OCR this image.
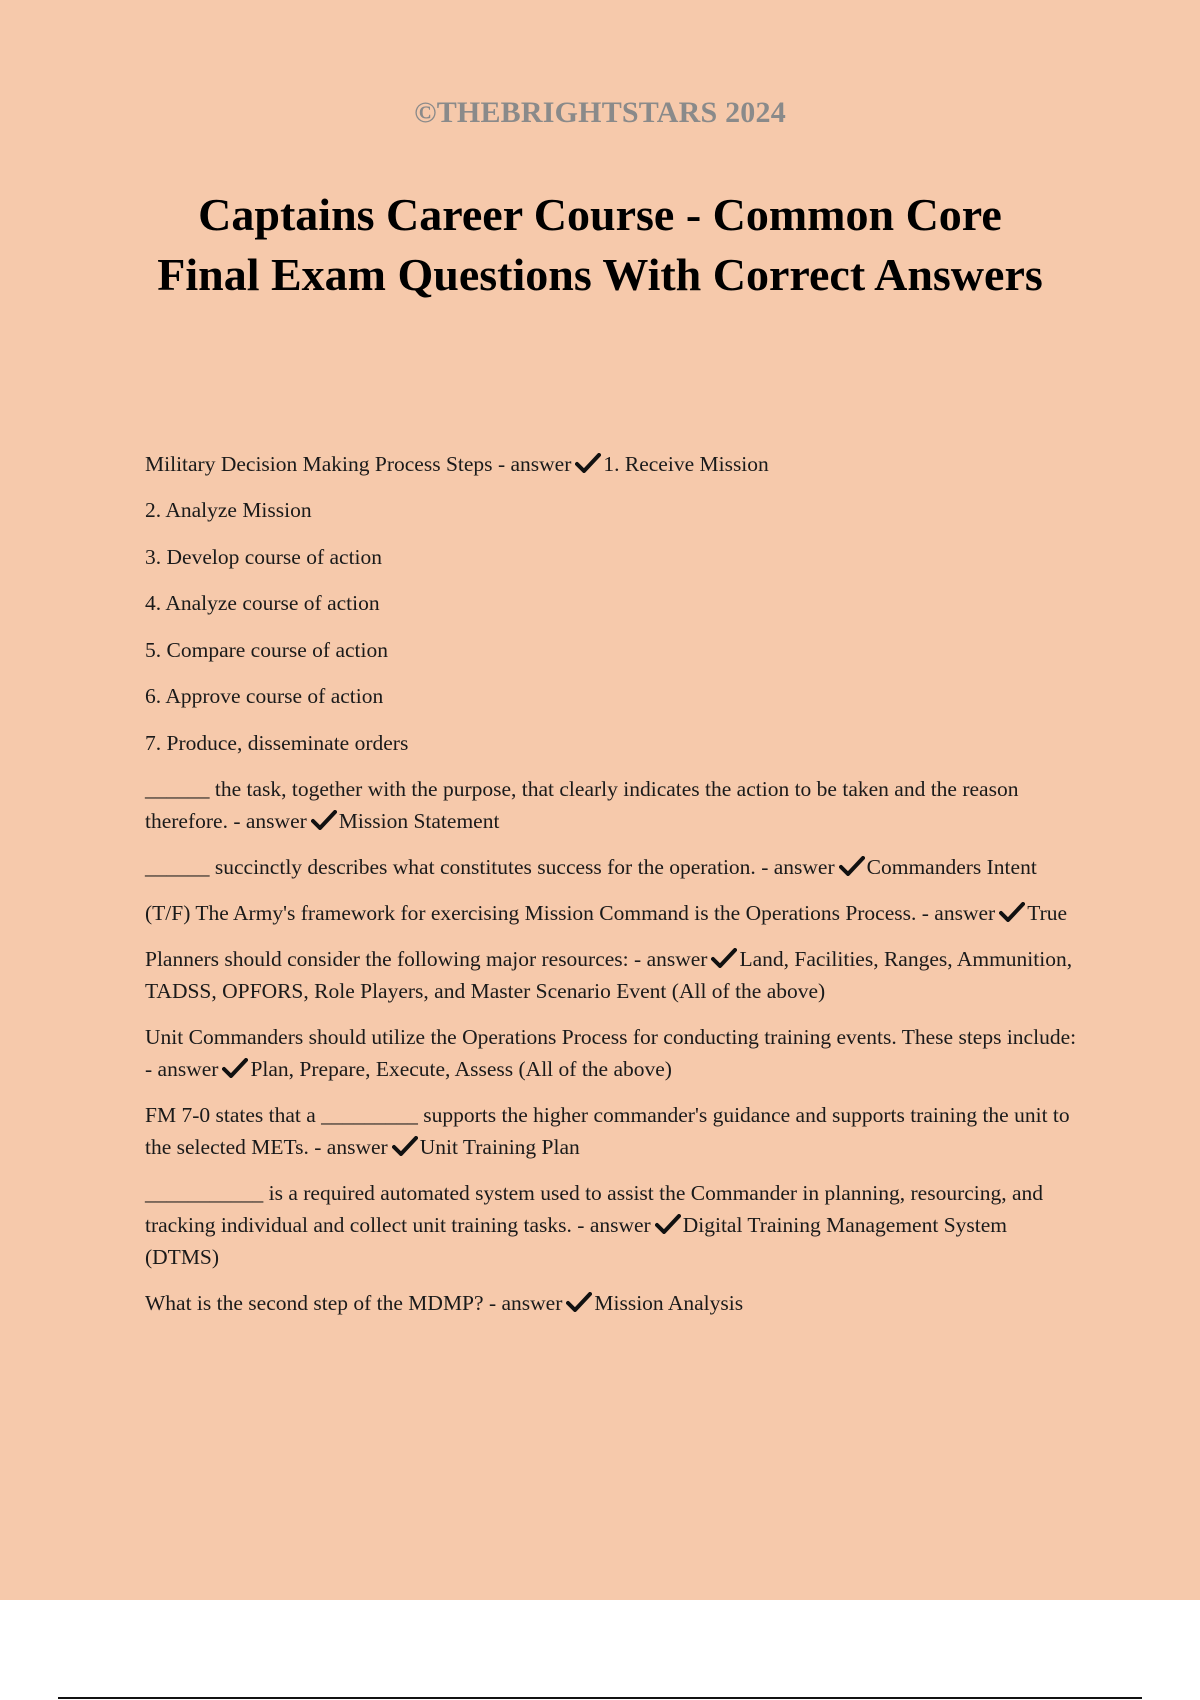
©THEBRIGHTSTARS 2024
Captains Career Course - Common Core
Final Exam Questions With Correct Answers

Military Decision Making Process Steps - answer 1. Receive Mission

2. Analyze Mission

3. Develop course of action

4. Analyze course of action

5. Compare course of action

6. Approve course of action

7. Produce, disseminate orders

______ the task, together with the purpose, that clearly indicates the action to be taken and the reason therefore. - answer Mission Statement

______ succinctly describes what constitutes success for the operation. - answer Commanders Intent

(T/F) The Army's framework for exercising Mission Command is the Operations Process. - answer True

Planners should consider the following major resources: - answer Land, Facilities, Ranges, Ammunition, TADSS, OPFORS, Role Players, and Master Scenario Event (All of the above)

Unit Commanders should utilize the Operations Process for conducting training events. These steps include: - answer Plan, Prepare, Execute, Assess (All of the above)

FM 7-0 states that a _________ supports the higher commander's guidance and supports training the unit to the selected METs. - answer Unit Training Plan

___________ is a required automated system used to assist the Commander in planning, resourcing, and tracking individual and collect unit training tasks. - answer Digital Training Management System (DTMS)

What is the second step of the MDMP? - answer Mission Analysis
